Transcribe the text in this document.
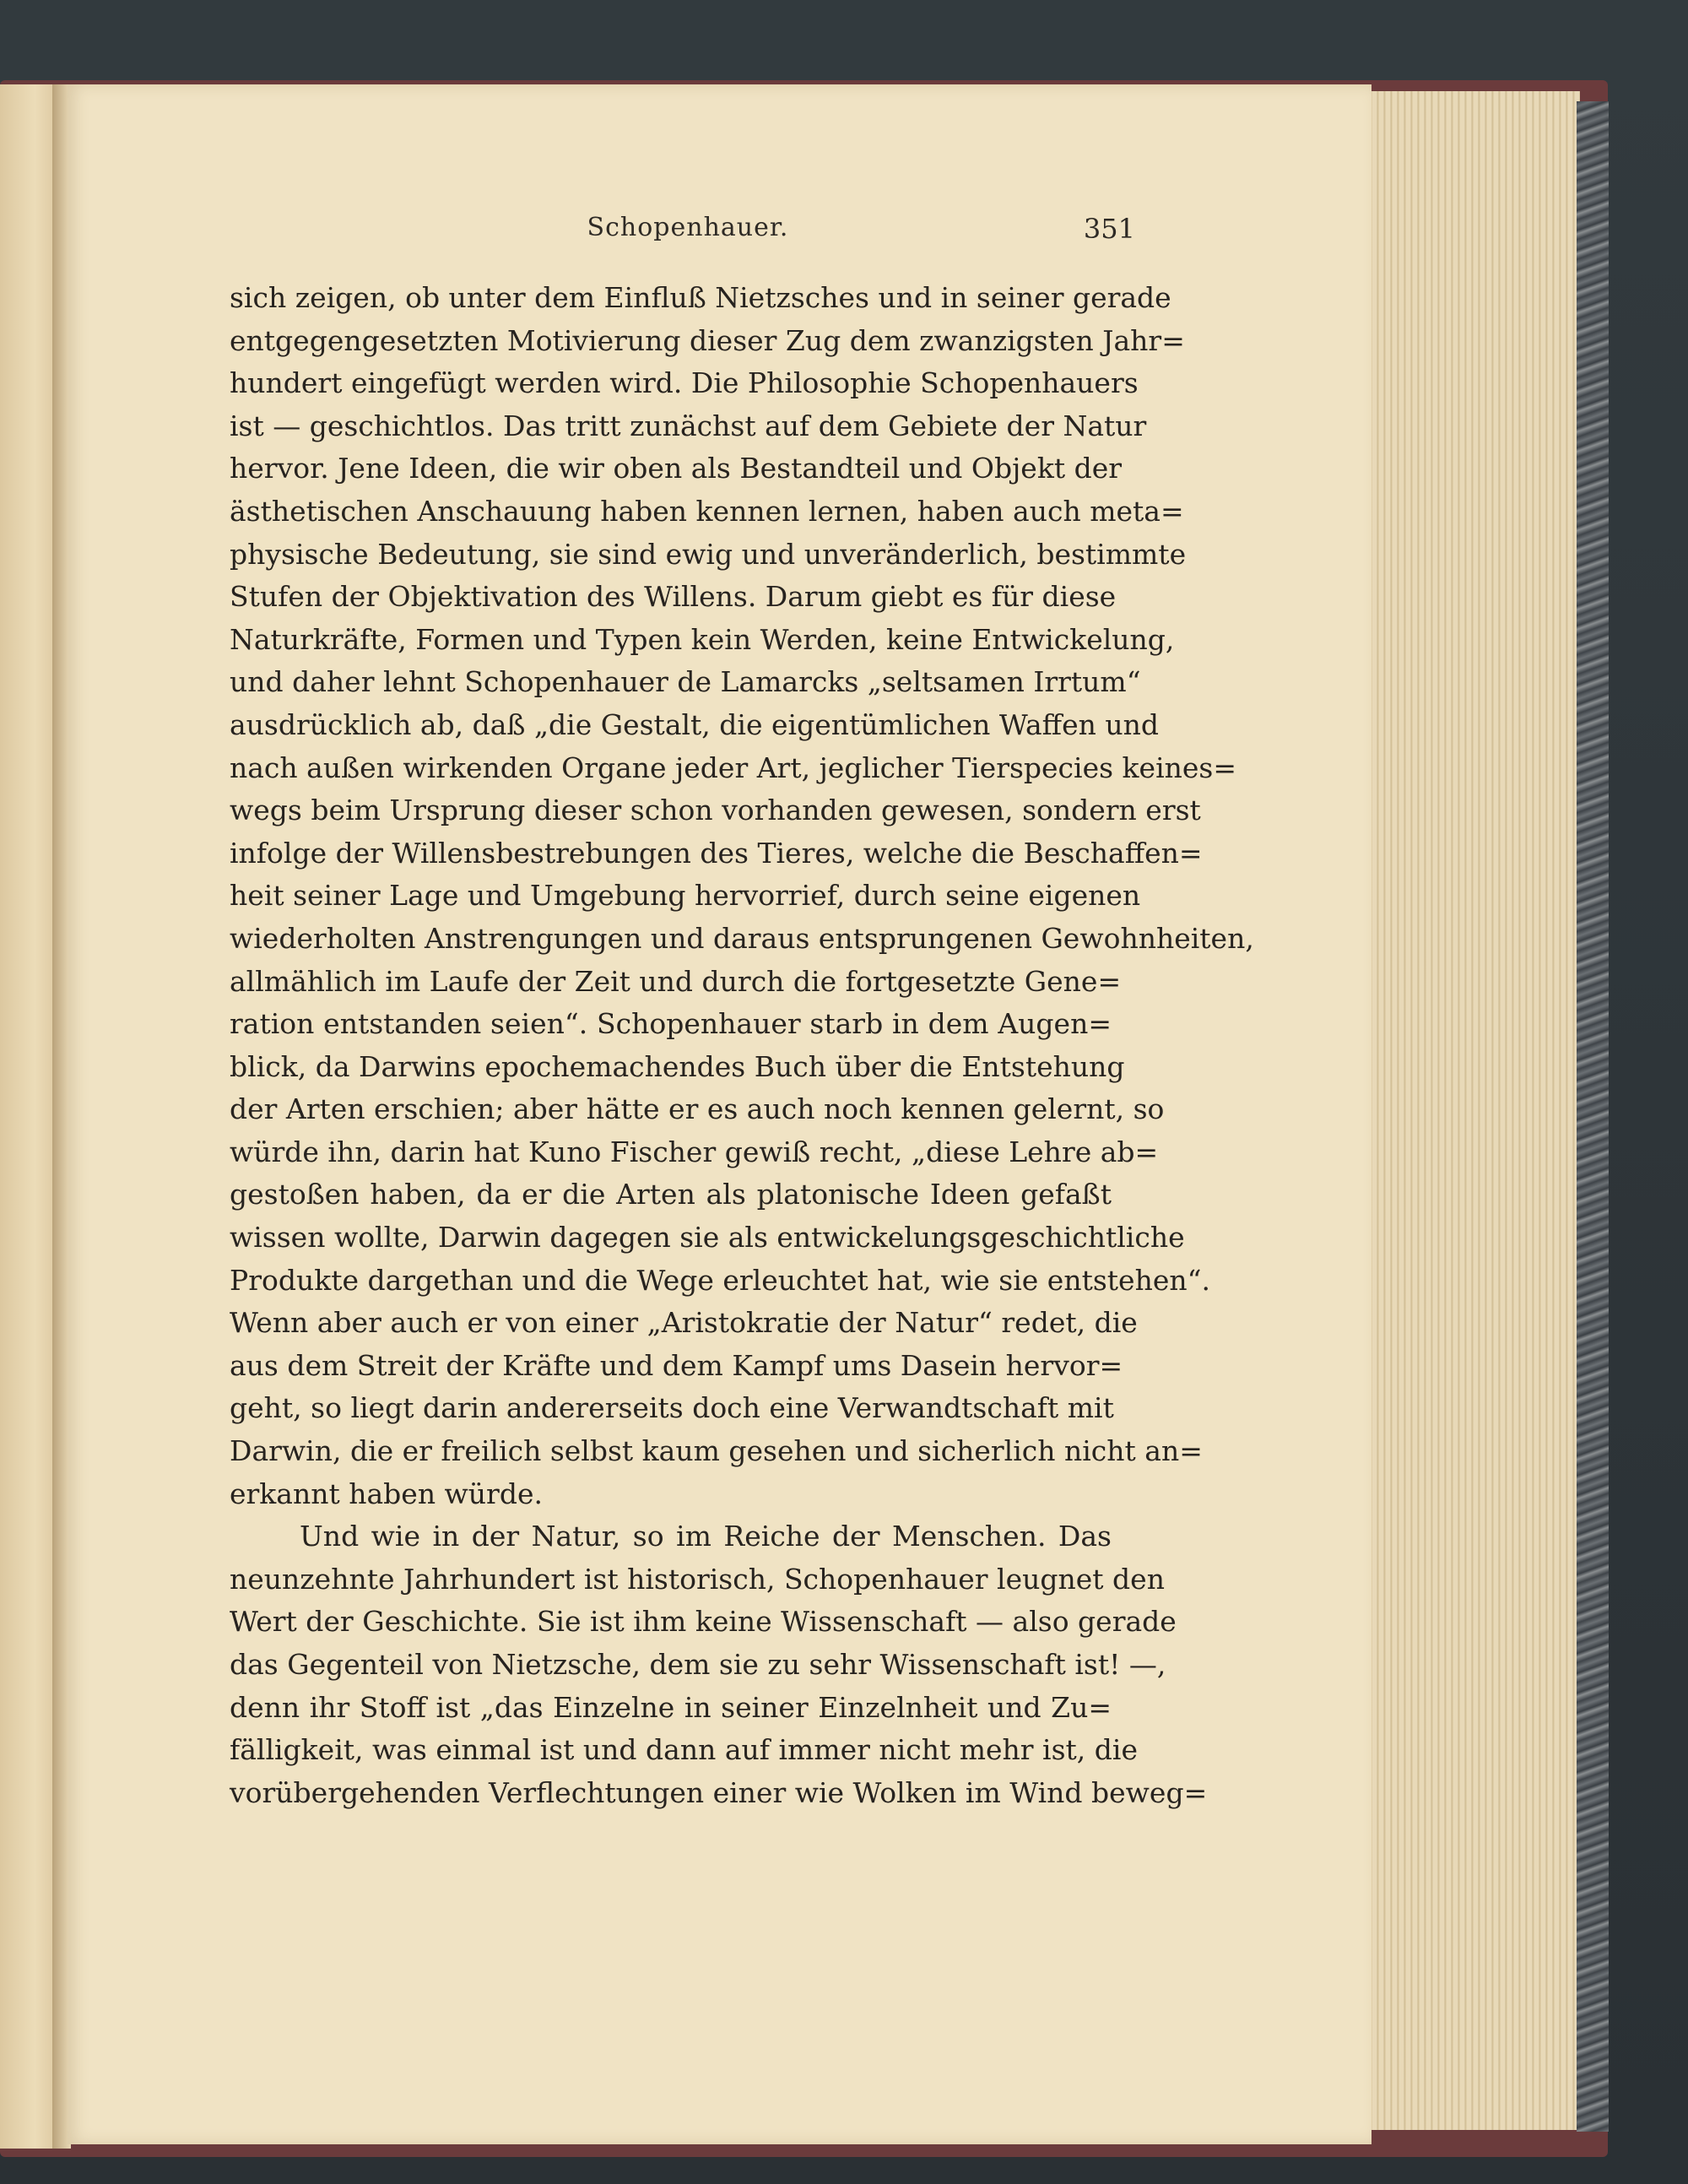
Schopenhauer.	351
sich zeigen, ob unter dem Einfluß Nietzsches und in seiner gerade
entgegengesetzten Motivierung dieser Zug dem zwanzigsten Jahr=
hundert eingefügt werden wird. Die Philosophie Schopenhauers
ist — geschichtlos. Das tritt zunächst auf dem Gebiete der Natur
hervor. Jene Ideen, die wir oben als Bestandteil und Objekt der
ästhetischen Anschauung haben kennen lernen, haben auch meta=
physische Bedeutung, sie sind ewig und unveränderlich, bestimmte
Stufen der Objektivation des Willens. Darum giebt es für diese
Naturkräfte, Formen und Typen kein Werden, keine Entwickelung,
und daher lehnt Schopenhauer de Lamarcks „seltsamen Irrtum“
ausdrücklich ab, daß „die Gestalt, die eigentümlichen Waffen und
nach außen wirkenden Organe jeder Art, jeglicher Tierspecies keines=
wegs beim Ursprung dieser schon vorhanden gewesen, sondern erst
infolge der Willensbestrebungen des Tieres, welche die Beschaffen=
heit seiner Lage und Umgebung hervorrief, durch seine eigenen
wiederholten Anstrengungen und daraus entsprungenen Gewohnheiten,
allmählich im Laufe der Zeit und durch die fortgesetzte Gene=
ration entstanden seien“. Schopenhauer starb in dem Augen=
blick, da Darwins epochemachendes Buch über die Entstehung
der Arten erschien; aber hätte er es auch noch kennen gelernt, so
würde ihn, darin hat Kuno Fischer gewiß recht, „diese Lehre ab=
gestoßen haben, da er die Arten als platonische Ideen gefaßt
wissen wollte, Darwin dagegen sie als entwickelungsgeschichtliche
Produkte dargethan und die Wege erleuchtet hat, wie sie entstehen“.
Wenn aber auch er von einer „Aristokratie der Natur“ redet, die
aus dem Streit der Kräfte und dem Kampf ums Dasein hervor=
geht, so liegt darin andererseits doch eine Verwandtschaft mit
Darwin, die er freilich selbst kaum gesehen und sicherlich nicht an=
erkannt haben würde.
Und wie in der Natur, so im Reiche der Menschen. Das
neunzehnte Jahrhundert ist historisch, Schopenhauer leugnet den
Wert der Geschichte. Sie ist ihm keine Wissenschaft — also gerade
das Gegenteil von Nietzsche, dem sie zu sehr Wissenschaft ist! —,
denn ihr Stoff ist „das Einzelne in seiner Einzelnheit und Zu=
fälligkeit, was einmal ist und dann auf immer nicht mehr ist, die
vorübergehenden Verflechtungen einer wie Wolken im Wind beweg=
